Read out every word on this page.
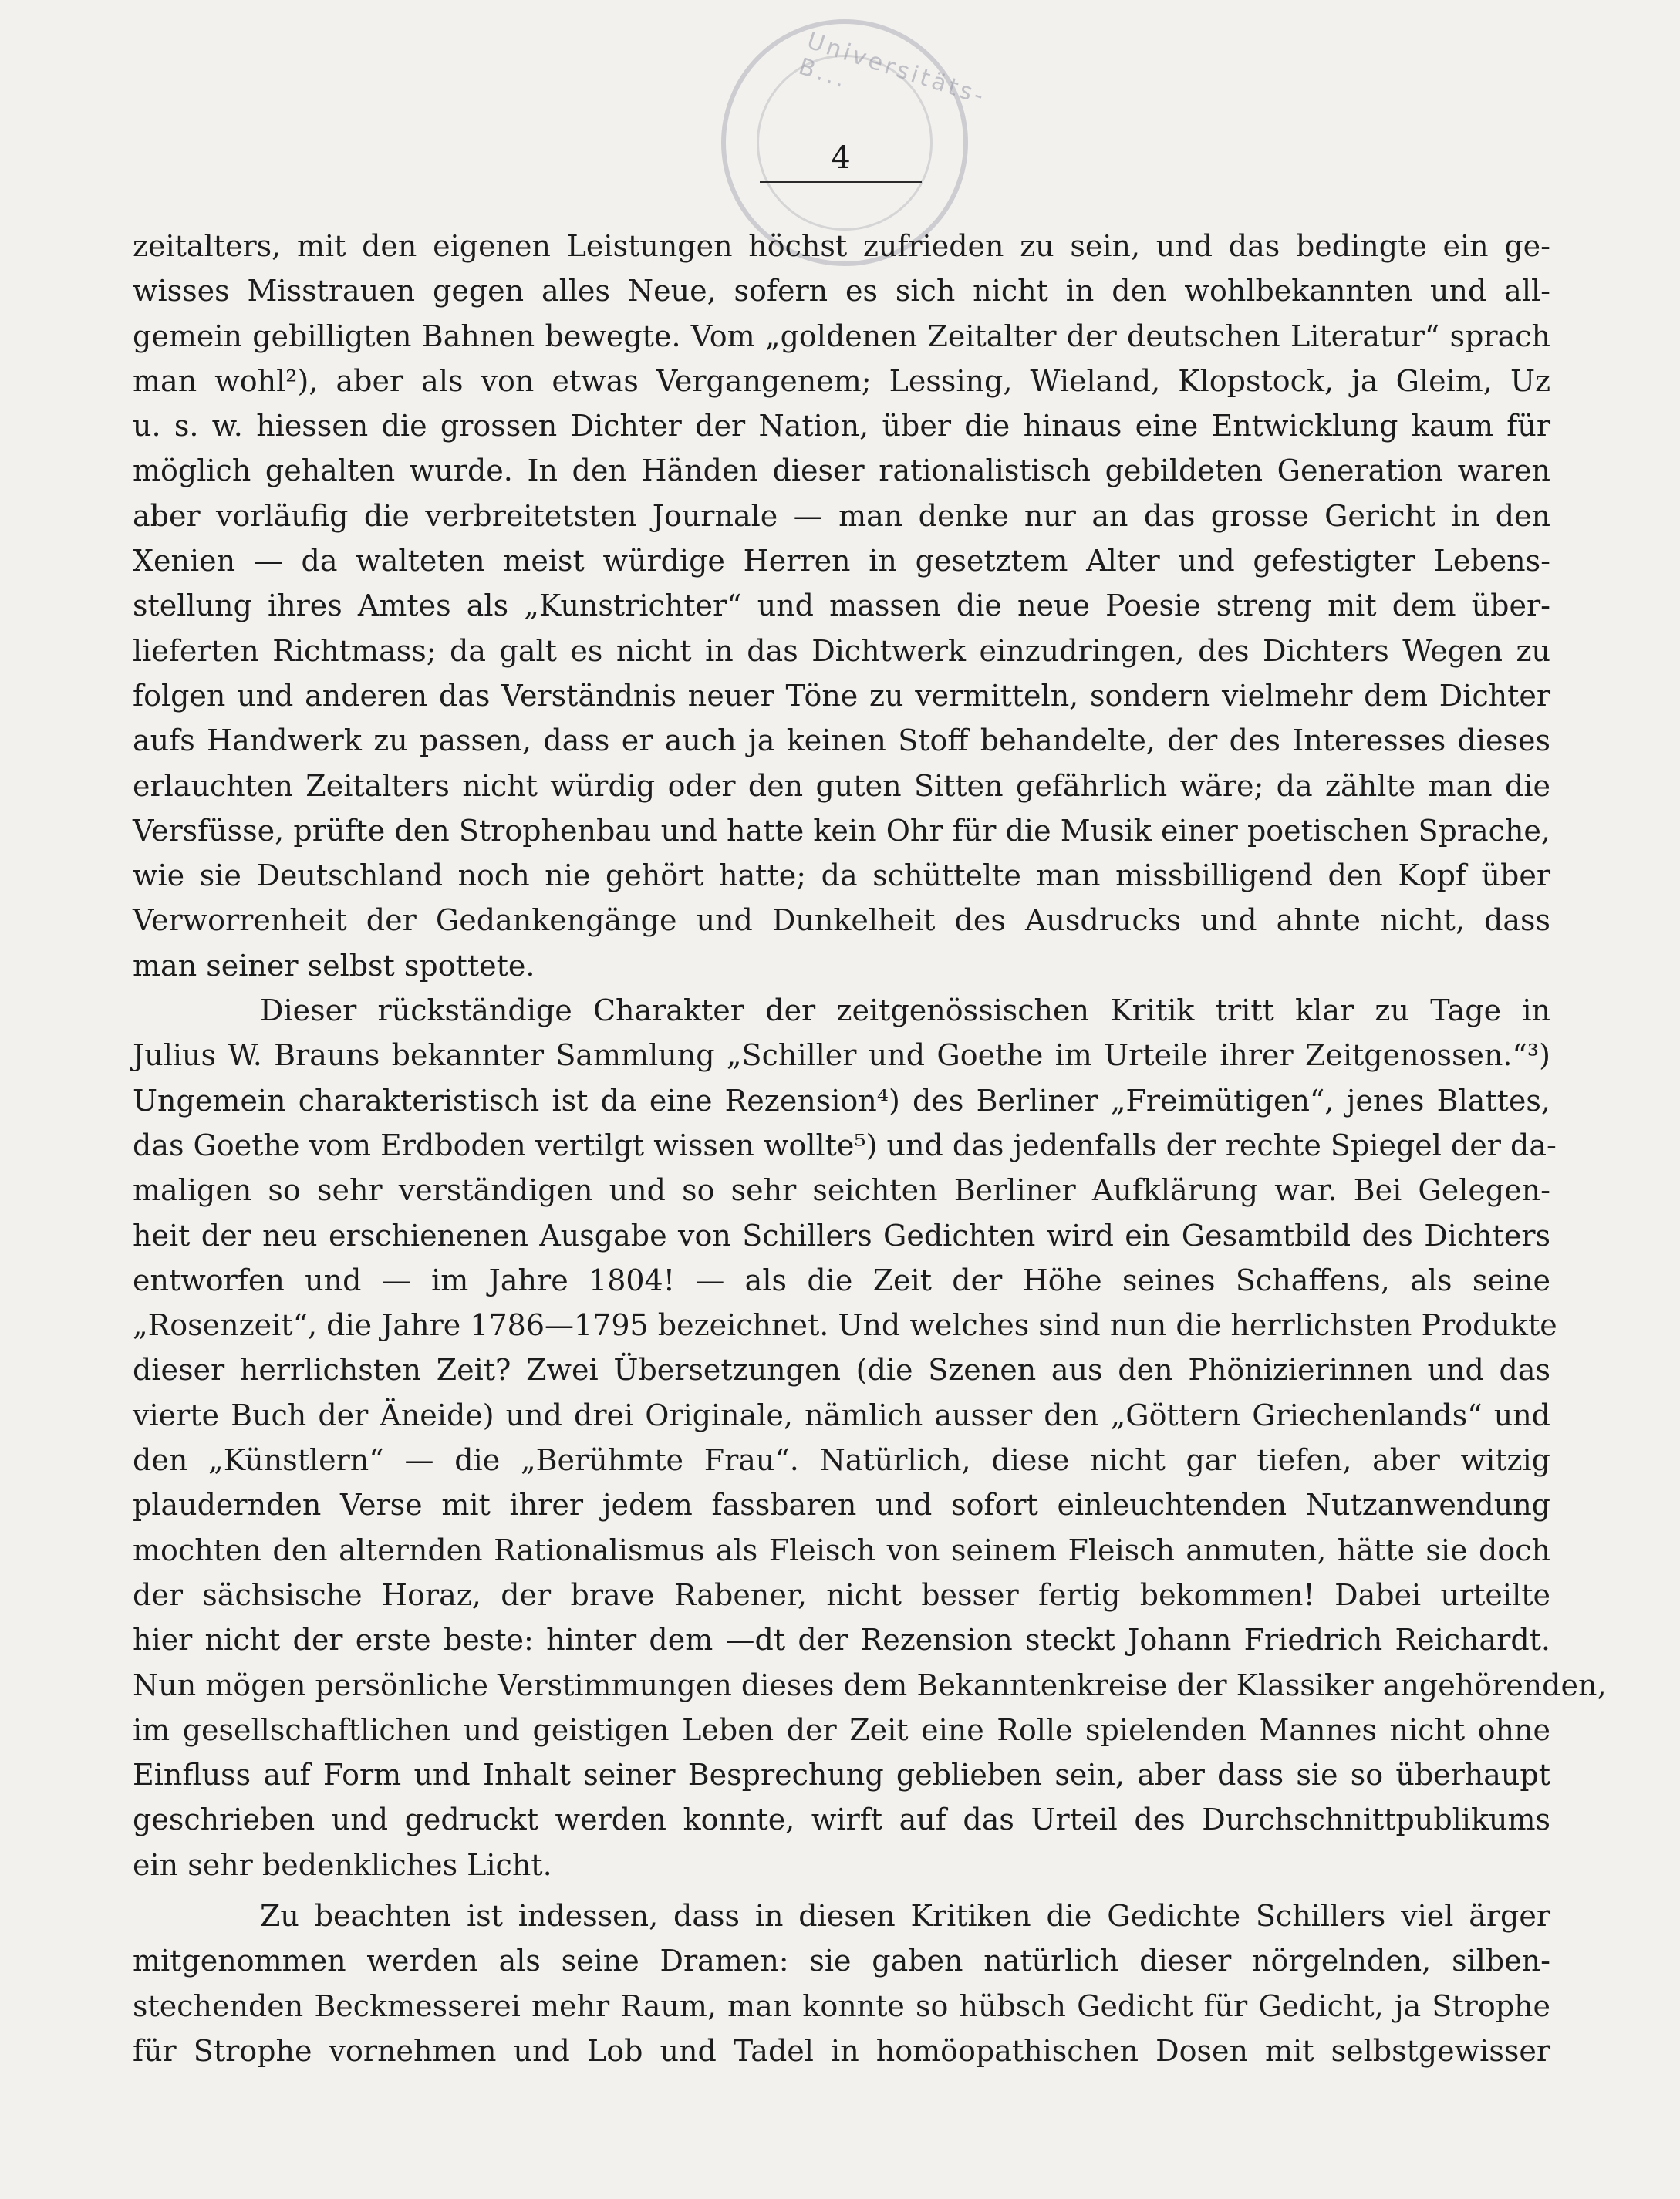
Universitäts-B...
4
zeitalters, mit den eigenen Leistungen höchst zufrieden zu sein, und das bedingte ein ge-
wisses Misstrauen gegen alles Neue, sofern es sich nicht in den wohlbekannten und all-
gemein gebilligten Bahnen bewegte. Vom „goldenen Zeitalter der deutschen Literatur“ sprach
man wohl²), aber als von etwas Vergangenem; Lessing, Wieland, Klopstock, ja Gleim, Uz
u. s. w. hiessen die grossen Dichter der Nation, über die hinaus eine Entwicklung kaum für
möglich gehalten wurde. In den Händen dieser rationalistisch gebildeten Generation waren
aber vorläufig die verbreitetsten Journale — man denke nur an das grosse Gericht in den
Xenien — da walteten meist würdige Herren in gesetztem Alter und gefestigter Lebens-
stellung ihres Amtes als „Kunstrichter“ und massen die neue Poesie streng mit dem über-
lieferten Richtmass; da galt es nicht in das Dichtwerk einzudringen, des Dichters Wegen zu
folgen und anderen das Verständnis neuer Töne zu vermitteln, sondern vielmehr dem Dichter
aufs Handwerk zu passen, dass er auch ja keinen Stoff behandelte, der des Interesses dieses
erlauchten Zeitalters nicht würdig oder den guten Sitten gefährlich wäre; da zählte man die
Versfüsse, prüfte den Strophenbau und hatte kein Ohr für die Musik einer poetischen Sprache,
wie sie Deutschland noch nie gehört hatte; da schüttelte man missbilligend den Kopf über
Verworrenheit der Gedankengänge und Dunkelheit des Ausdrucks und ahnte nicht, dass
man seiner selbst spottete.
Dieser rückständige Charakter der zeitgenössischen Kritik tritt klar zu Tage in
Julius W. Brauns bekannter Sammlung „Schiller und Goethe im Urteile ihrer Zeitgenossen.“³)
Ungemein charakteristisch ist da eine Rezension⁴) des Berliner „Freimütigen“, jenes Blattes,
das Goethe vom Erdboden vertilgt wissen wollte⁵) und das jedenfalls der rechte Spiegel der da-
maligen so sehr verständigen und so sehr seichten Berliner Aufklärung war. Bei Gelegen-
heit der neu erschienenen Ausgabe von Schillers Gedichten wird ein Gesamtbild des Dichters
entworfen und — im Jahre 1804! — als die Zeit der Höhe seines Schaffens, als seine
„Rosenzeit“, die Jahre 1786—1795 bezeichnet. Und welches sind nun die herrlichsten Produkte
dieser herrlichsten Zeit? Zwei Übersetzungen (die Szenen aus den Phönizierinnen und das
vierte Buch der Äneide) und drei Originale, nämlich ausser den „Göttern Griechenlands“ und
den „Künstlern“ — die „Berühmte Frau“. Natürlich, diese nicht gar tiefen, aber witzig
plaudernden Verse mit ihrer jedem fassbaren und sofort einleuchtenden Nutzanwendung
mochten den alternden Rationalismus als Fleisch von seinem Fleisch anmuten, hätte sie doch
der sächsische Horaz, der brave Rabener, nicht besser fertig bekommen! Dabei urteilte
hier nicht der erste beste: hinter dem —dt der Rezension steckt Johann Friedrich Reichardt.
Nun mögen persönliche Verstimmungen dieses dem Bekanntenkreise der Klassiker angehörenden,
im gesellschaftlichen und geistigen Leben der Zeit eine Rolle spielenden Mannes nicht ohne
Einfluss auf Form und Inhalt seiner Besprechung geblieben sein, aber dass sie so überhaupt
geschrieben und gedruckt werden konnte, wirft auf das Urteil des Durchschnittpublikums
ein sehr bedenkliches Licht.
Zu beachten ist indessen, dass in diesen Kritiken die Gedichte Schillers viel ärger
mitgenommen werden als seine Dramen: sie gaben natürlich dieser nörgelnden, silben-
stechenden Beckmesserei mehr Raum, man konnte so hübsch Gedicht für Gedicht, ja Strophe
für Strophe vornehmen und Lob und Tadel in homöopathischen Dosen mit selbstgewisser
